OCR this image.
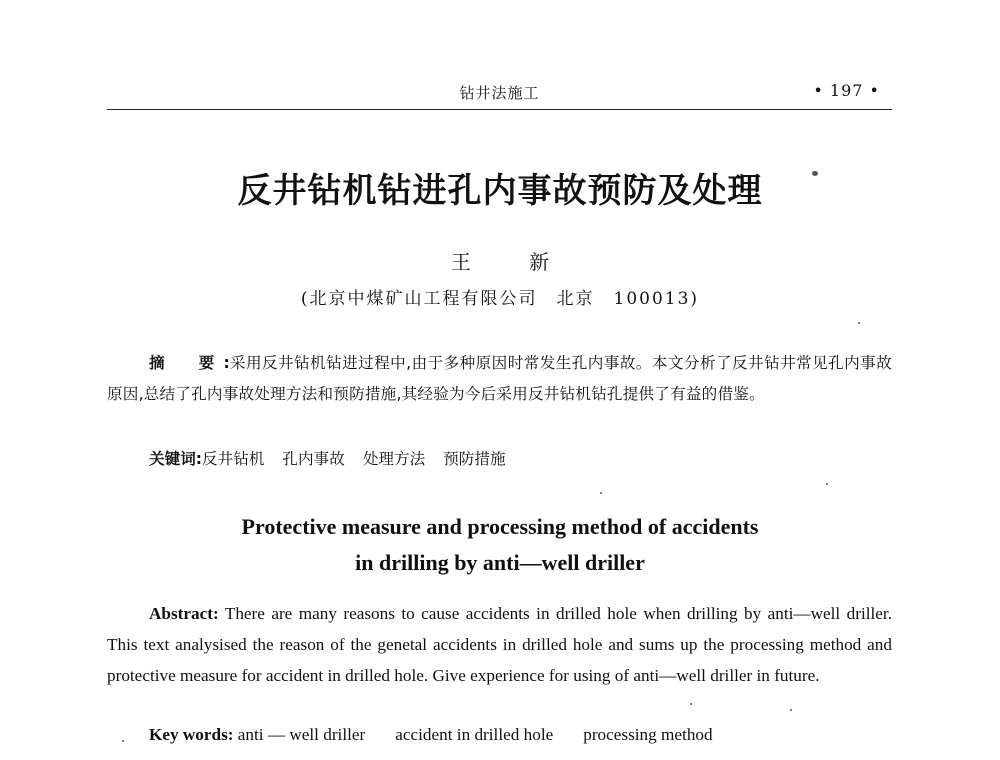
钻井法施工	• 197 •
反井钻机钻进孔内事故预防及处理
王 新
(北京中煤矿山工程有限公司　北京　100013)
摘　要:采用反井钻机钻进过程中,由于多种原因时常发生孔内事故。本文分析了反井钻井常见孔内事故原因,总结了孔内事故处理方法和预防措施,其经验为今后采用反井钻机钻孔提供了有益的借鉴。
关键词:反井钻机 孔内事故 处理方法 预防措施
Protective measure and processing method of accidents
in drilling by anti—well driller
Abstract: There are many reasons to cause accidents in drilled hole when drilling by anti—well driller. This text analysised the reason of the genetal accidents in drilled hole and sums up the processing method and protective measure for accident in drilled hole. Give experience for using of anti—well driller in future.
Key words: anti — well driller accident in drilled hole processing method
